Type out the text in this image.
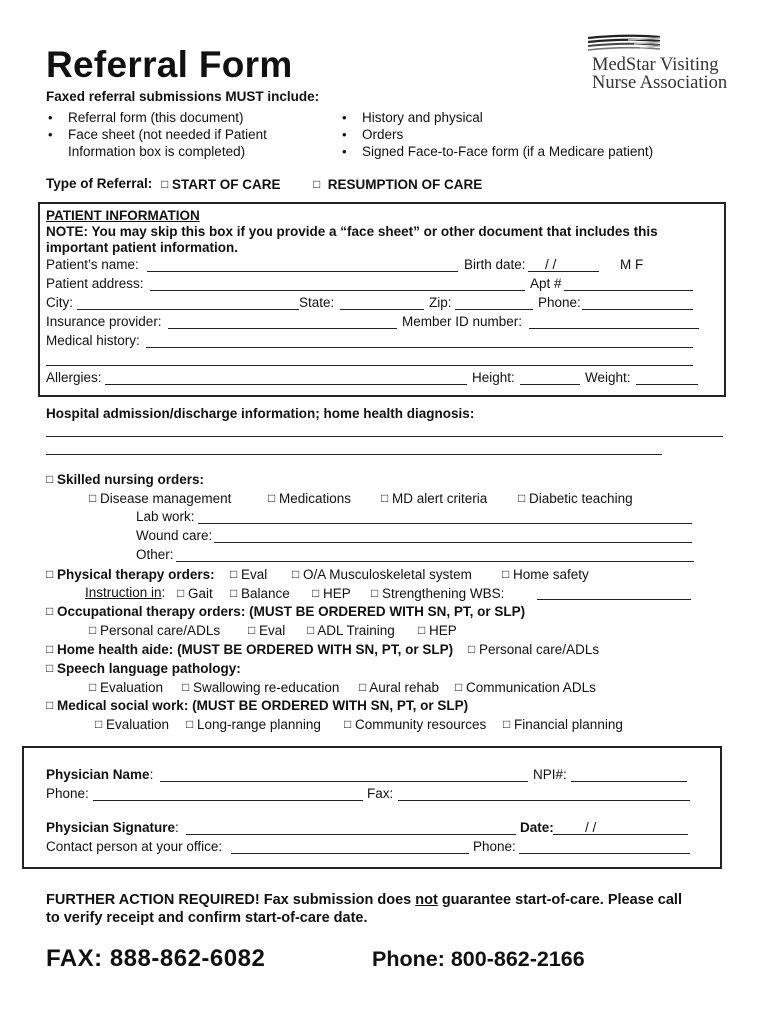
Referral Form	MedStar Visiting
Nurse Association
Faxed referral submissions MUST include:
• Referral form (this document)
• Face sheet (not needed if Patient
Information box is completed)
• History and physical
• Orders
• Signed Face-to-Face form (if a Medicare patient)
Type of Referral: □ START OF CARE	□ RESUMPTION OF CARE
PATIENT INFORMATION
NOTE: You may skip this box if you provide a “face sheet” or other document that includes this
important patient information.
Patient’s name:	Birth date: / /	M F
Patient address:	Apt #
City:	State:	Zip:	Phone:
Insurance provider:	Member ID number:
Medical history:
Allergies:	Height:	Weight:
Hospital admission/discharge information; home health diagnosis:
□ Skilled nursing orders:
□ Disease management	□ Medications □ MD alert criteria	□ Diabetic teaching
Lab work:
Wound care:
Other:
□ Physical therapy orders: □ Eval □ O/A Musculoskeletal system	□ Home safety
Instruction in: □ Gait □ Balance □ HEP □ Strengthening WBS:
□ Occupational therapy orders: (MUST BE ORDERED WITH SN, PT, or SLP)
□ Personal care/ADLs □ Eval □ ADL Training □ HEP
□ Home health aide: (MUST BE ORDERED WITH SN, PT, or SLP) □ Personal care/ADLs
□ Speech language pathology:
□ Evaluation □ Swallowing re-education □ Aural rehab □ Communication ADLs
□ Medical social work: (MUST BE ORDERED WITH SN, PT, or SLP)
□ Evaluation □ Long-range planning □ Community resources □ Financial planning
Physician Name:	NPI#:
Phone:	Fax:
Physician Signature:	Date: / /
Contact person at your office:	Phone:
FURTHER ACTION REQUIRED! Fax submission does not guarantee start-of-care. Please call
to verify receipt and confirm start-of-care date.
FAX: 888-862-6082	Phone: 800-862-2166
